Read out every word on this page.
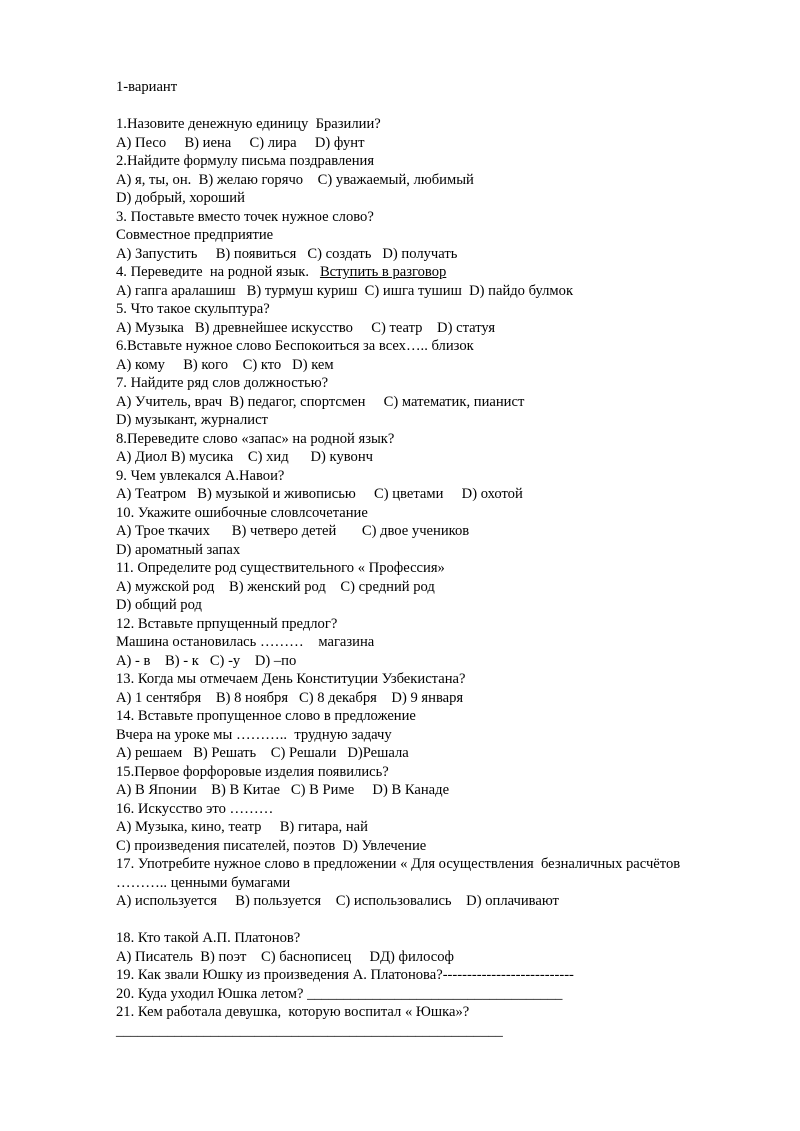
1-вариант
1.Назовите денежную единицу  Бразилии?
A) Песо     B) иена     C) лира     D) фунт
2.Найдите формулу письма поздравления
A) я, ты, он.  B) желаю горячо    C) уважаемый, любимый
D) добрый, хороший
3. Поставьте вместо точек нужное слово?
Совместное предприятие
A) Запустить     B) появиться   C) создать   D) получать
4. Переведите  на родной язык.   Вступить в разговор
A) гапга аралашиш   B) турмуш куриш  C) ишга тушиш  D) пайдо булмок
5. Что такое скульптура?
A) Музыка   B) древнейшее искусство     C) театр    D) статуя
6.Вставьте нужное слово Беспокоиться за всех….. близок
A) кому     B) кого    C) кто   D) кем
7. Найдите ряд слов должностью?
A) Учитель, врач  B) педагог, спортсмен     C) математик, пианист
D) музыкант, журналист
8.Переведите слово «запас» на родной язык?
A) Диол B) мусика    C) хид      D) кувонч
9. Чем увлекался А.Навои?
A) Театром   B) музыкой и живописью     C) цветами     D) охотой
10. Укажите ошибочные словлсочетание
A) Трое ткачих      B) четверо детей       C) двое учеников
D) ароматный запах
11. Определите род существительного « Профессия»
A) мужской род    B) женский род    C) средний род
D) общий род
12. Вставьте прпущенный предлог?
Машина остановилась ………    магазина
A) - в    B) - к   C) -у    D) –по
13. Когда мы отмечаем День Конституции Узбекистана?
A) 1 сентября    B) 8 ноября   C) 8 декабря    D) 9 января
14. Вставьте пропущенное слово в предложение
Вчера на уроке мы ………..  трудную задачу
A) решаем   B) Решать    C) Решали   D)Решала
15.Первое форфоровые изделия появились?
A) В Японии    B) В Китае   C) В Риме     D) В Канаде
16. Искусство это ………
A) Музыка, кино, театр     B) гитара, най
C) произведения писателей, поэтов  D) Увлечение
17. Употребите нужное слово в предложении « Для осуществления  безналичных расчётов
……….. ценными бумагами
A) используется     B) пользуется    C) использовались    D) оплачивают
18. Кто такой А.П. Платонов?
A) Писатель  B) поэт    C) баснописец     DД) философ
19. Как звали Юшку из произведения А. Платонова?---------------------------
20. Куда уходил Юшка летом? ___________________________________
21. Кем работала девушка,  которую воспитал « Юшка»?
_____________________________________________________
